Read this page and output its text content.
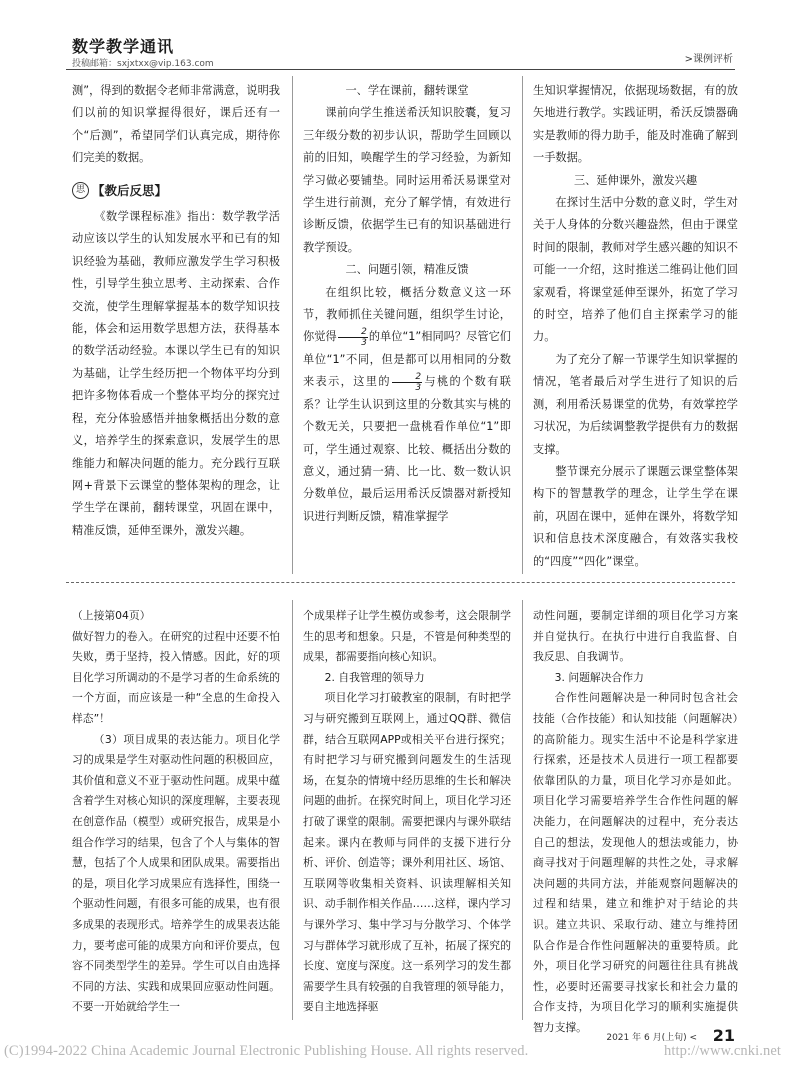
数学教学通讯
投稿邮箱：sxjxtxx@vip.163.com	>课例评析

测”，得到的数据令老师非常满意，说明我们以前的知识掌握得很好，课后还有一个“后测”，希望同学们认真完成，期待你们完美的数据。

思 【教后反思】

《数学课程标准》指出：数学教学活动应该以学生的认知发展水平和已有的知识经验为基础，教师应激发学生学习积极性，引导学生独立思考、主动探索、合作交流，使学生理解掌握基本的数学知识技能，体会和运用数学思想方法，获得基本的数学活动经验。本课以学生已有的知识为基础，让学生经历把一个物体平均分到把许多物体看成一个整体平均分的探究过程，充分体验感悟并抽象概括出分数的意义，培养学生的探索意识，发展学生的思维能力和解决问题的能力。充分践行互联网+背景下云课堂的整体架构的理念，让学生学在课前，翻转课堂，巩固在课中，精准反馈，延伸至课外，激发兴趣。

一、学在课前，翻转课堂

课前向学生推送希沃知识胶囊，复习三年级分数的初步认识，帮助学生回顾以前的旧知，唤醒学生的学习经验，为新知学习做必要铺垫。同时运用希沃易课堂对学生进行前测，充分了解学情，有效进行诊断反馈，依据学生已有的知识基础进行教学预设。

二、问题引领，精准反馈

在组织比较，概括分数意义这一环节，教师抓住关键问题，组织学生讨论，你觉得 $\frac{2}{3}$ 的单位“1”相同吗？尽管它们单位“1”不同，但是都可以用相同的分数来表示，这里的 $\frac{2}{3}$ 与桃的个数有联系？让学生认识到这里的分数其实与桃的个数无关，只要把一盘桃看作单位“1”即可，学生通过观察、比较、概括出分数的意义，通过猜一猜、比一比、数一数认识分数单位，最后运用希沃反馈器对新授知识进行判断反馈，精准掌握学

生知识掌握情况，依据现场数据，有的放矢地进行教学。实践证明，希沃反馈器确实是教师的得力助手，能及时准确了解到一手数据。

三、延伸课外，激发兴趣

在探讨生活中分数的意义时，学生对关于人身体的分数兴趣盎然，但由于课堂时间的限制，教师对学生感兴趣的知识不可能一一介绍，这时推送二维码让他们回家观看，将课堂延伸至课外，拓宽了学习的时空，培养了他们自主探索学习的能力。

为了充分了解一节课学生知识掌握的情况，笔者最后对学生进行了知识的后测，利用希沃易课堂的优势，有效掌控学习状况，为后续调整教学提供有力的数据支撑。

整节课充分展示了课题云课堂整体架构下的智慧教学的理念，让学生学在课前，巩固在课中，延伸在课外，将数学知识和信息技术深度融合，有效落实我校的“四度”“四化”课堂。

（上接第04页）

做好智力的卷入。在研究的过程中还要不怕失败，勇于坚持，投入情感。因此，好的项目化学习所调动的不是学习者的生命系统的一个方面，而应该是一种“全息的生命投入样态”！

（3）项目成果的表达能力。项目化学习的成果是学生对驱动性问题的积极回应，其价值和意义不亚于驱动性问题。成果中蕴含着学生对核心知识的深度理解，主要表现在创意作品（模型）或研究报告，成果是小组合作学习的结果，包含了个人与集体的智慧，包括了个人成果和团队成果。需要指出的是，项目化学习成果应有选择性，围绕一个驱动性问题，有很多可能的成果，也有很多成果的表现形式。培养学生的成果表达能力，要考虑可能的成果方向和评价要点，包容不同类型学生的差异。学生可以自由选择不同的方法、实践和成果回应驱动性问题。不要一开始就给学生一

个成果样子让学生模仿或参考，这会限制学生的思考和想象。只是，不管是何种类型的成果，都需要指向核心知识。

2. 自我管理的领导力

项目化学习打破教室的限制，有时把学习与研究搬到互联网上，通过QQ群、微信群，结合互联网APP或相关平台进行探究；有时把学习与研究搬到问题发生的生活现场，在复杂的情境中经历思维的生长和解决问题的曲折。在探究时间上，项目化学习还打破了课堂的限制。需要把课内与课外联结起来。课内在教师与同伴的支援下进行分析、评价、创造等；课外利用社区、场馆、互联网等收集相关资料、识读理解相关知识、动手制作相关作品……这样，课内学习与课外学习、集中学习与分散学习、个体学习与群体学习就形成了互补，拓展了探究的长度、宽度与深度。这一系列学习的发生都需要学生具有较强的自我管理的领导能力，要自主地选择驱

动性问题，要制定详细的项目化学习方案并自觉执行。在执行中进行自我监督、自我反思、自我调节。

3. 问题解决合作力

合作性问题解决是一种同时包含社会技能（合作技能）和认知技能（问题解决）的高阶能力。现实生活中不论是科学家进行探索，还是技术人员进行一项工程都要依靠团队的力量，项目化学习亦是如此。项目化学习需要培养学生合作性问题的解决能力，在问题解决的过程中，充分表达自己的想法，发现他人的想法或能力，协商寻找对于问题理解的共性之处，寻求解决问题的共同方法，并能观察问题解决的过程和结果，建立和维护对于结论的共识。建立共识、采取行动、建立与维持团队合作是合作性问题解决的重要特质。此外，项目化学习研究的问题往往具有挑战性，必要时还需要寻找家长和社会力量的合作支持，为项目化学习的顺利实施提供智力支撑。

2021 年 6 月(上旬) < 21
(C)1994-2022 China Academic Journal Electronic Publishing House. All rights reserved.	http://www.cnki.net
